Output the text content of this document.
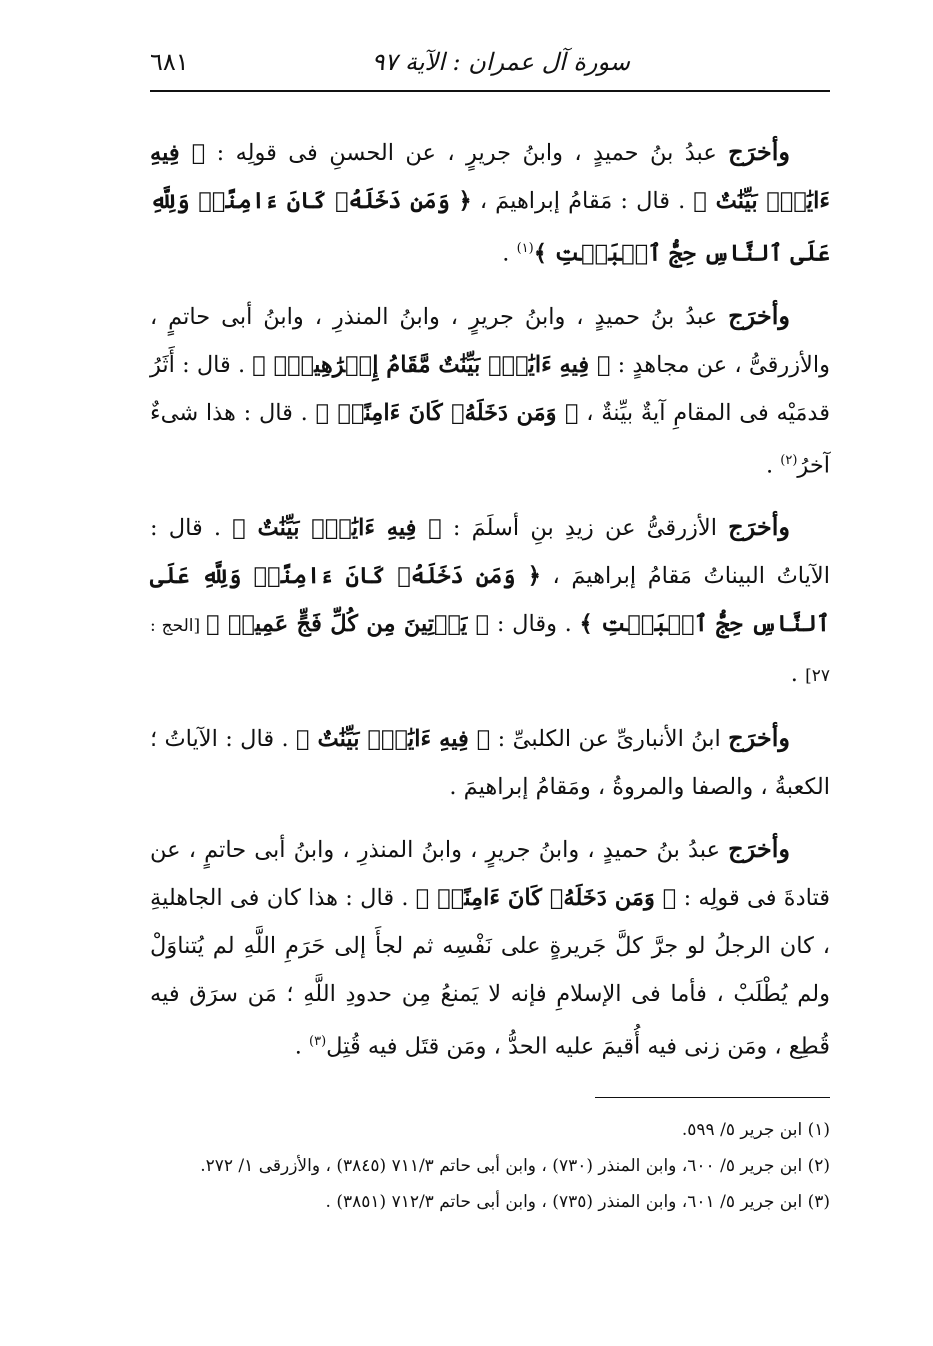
سورة آل عمران : الآية ٩٧
٦٨١

وأخرَج عبدُ بنُ حميدٍ ، وابنُ جريرٍ ، عن الحسنِ فى قولِه : ﴿ فِيهِ ءَايَٰتٌۢ بَيِّنَٰتٌ ﴾ . قال : مَقامُ إبراهيمَ ، ﴿ وَمَن دَخَلَهُۥ كَانَ ءَامِنًاۗ وَلِلَّهِ عَلَى ٱلنَّاسِ حِجُّ ٱلۡبَيۡتِ ﴾$^{(١)}$ .

وأخرَج عبدُ بنُ حميدٍ ، وابنُ جريرٍ ، وابنُ المنذرِ ، وابنُ أبى حاتمٍ ، والأزرقىُّ ، عن مجاهدٍ : ﴿ فِيهِ ءَايَٰتٌۢ بَيِّنَٰتٌ مَّقَامُ إِبۡرَٰهِيمَۖ ﴾ . قال : أَثَرُ قدمَيْه فى المقامِ آيةٌ بيِّنةٌ ، ﴿ وَمَن دَخَلَهُۥ كَانَ ءَامِنًاۗ ﴾ . قال : هذا شىءٌ آخرُ$^{(٢)}$ .

وأخرَج الأزرقىُّ عن زيدِ بنِ أسلَمَ : ﴿ فِيهِ ءَايَٰتٌۢ بَيِّنَٰتٌ ﴾ . قال : الآياتُ البيناتُ مَقامُ إبراهيمَ ، ﴿ وَمَن دَخَلَهُۥ كَانَ ءَامِنًاۗ وَلِلَّهِ عَلَى ٱلنَّاسِ حِجُّ ٱلۡبَيۡتِ ﴾ . وقال : ﴿ يَأۡتِينَ مِن كُلِّ فَجٍّ عَمِيقٖ ﴾ [الحج : ٢٧] .

وأخرَج ابنُ الأنبارىِّ عن الكلبىِّ : ﴿ فِيهِ ءَايَٰتٌۢ بَيِّنَٰتٌ ﴾ . قال : الآياتُ ؛ الكعبةُ ، والصفا والمروةُ ، ومَقامُ إبراهيمَ .

وأخرَج عبدُ بنُ حميدٍ ، وابنُ جريرٍ ، وابنُ المنذرِ ، وابنُ أبى حاتمٍ ، عن قتادةَ فى قولِه : ﴿ وَمَن دَخَلَهُۥ كَانَ ءَامِنًاۗ ﴾ . قال : هذا كان فى الجاهليةِ ، كان الرجلُ لو جرَّ كلَّ جَريرةٍ على نَفْسِه ثم لجأَ إلى حَرَمِ اللَّهِ لم يُتناوَلْ ولم يُطْلَبْ ، فأما فى الإسلامِ فإنه لا يَمنعُ مِن حدودِ اللَّهِ ؛ مَن سرَق فيه قُطِع ، ومَن زنى فيه أُقيمَ عليه الحدُّ ، ومَن قتَل فيه قُتِل$^{(٣)}$ .

(١) ابن جرير ٥/ ٥٩٩.

(٢) ابن جرير ٥/ ٦٠٠، وابن المنذر (٧٣٠) ، وابن أبى حاتم ٧١١/٣ (٣٨٤٥) ، والأزرقى ١/ ٢٧٢.

(٣) ابن جرير ٥/ ٦٠١، وابن المنذر (٧٣٥) ، وابن أبى حاتم ٧١٢/٣ (٣٨٥١) .
